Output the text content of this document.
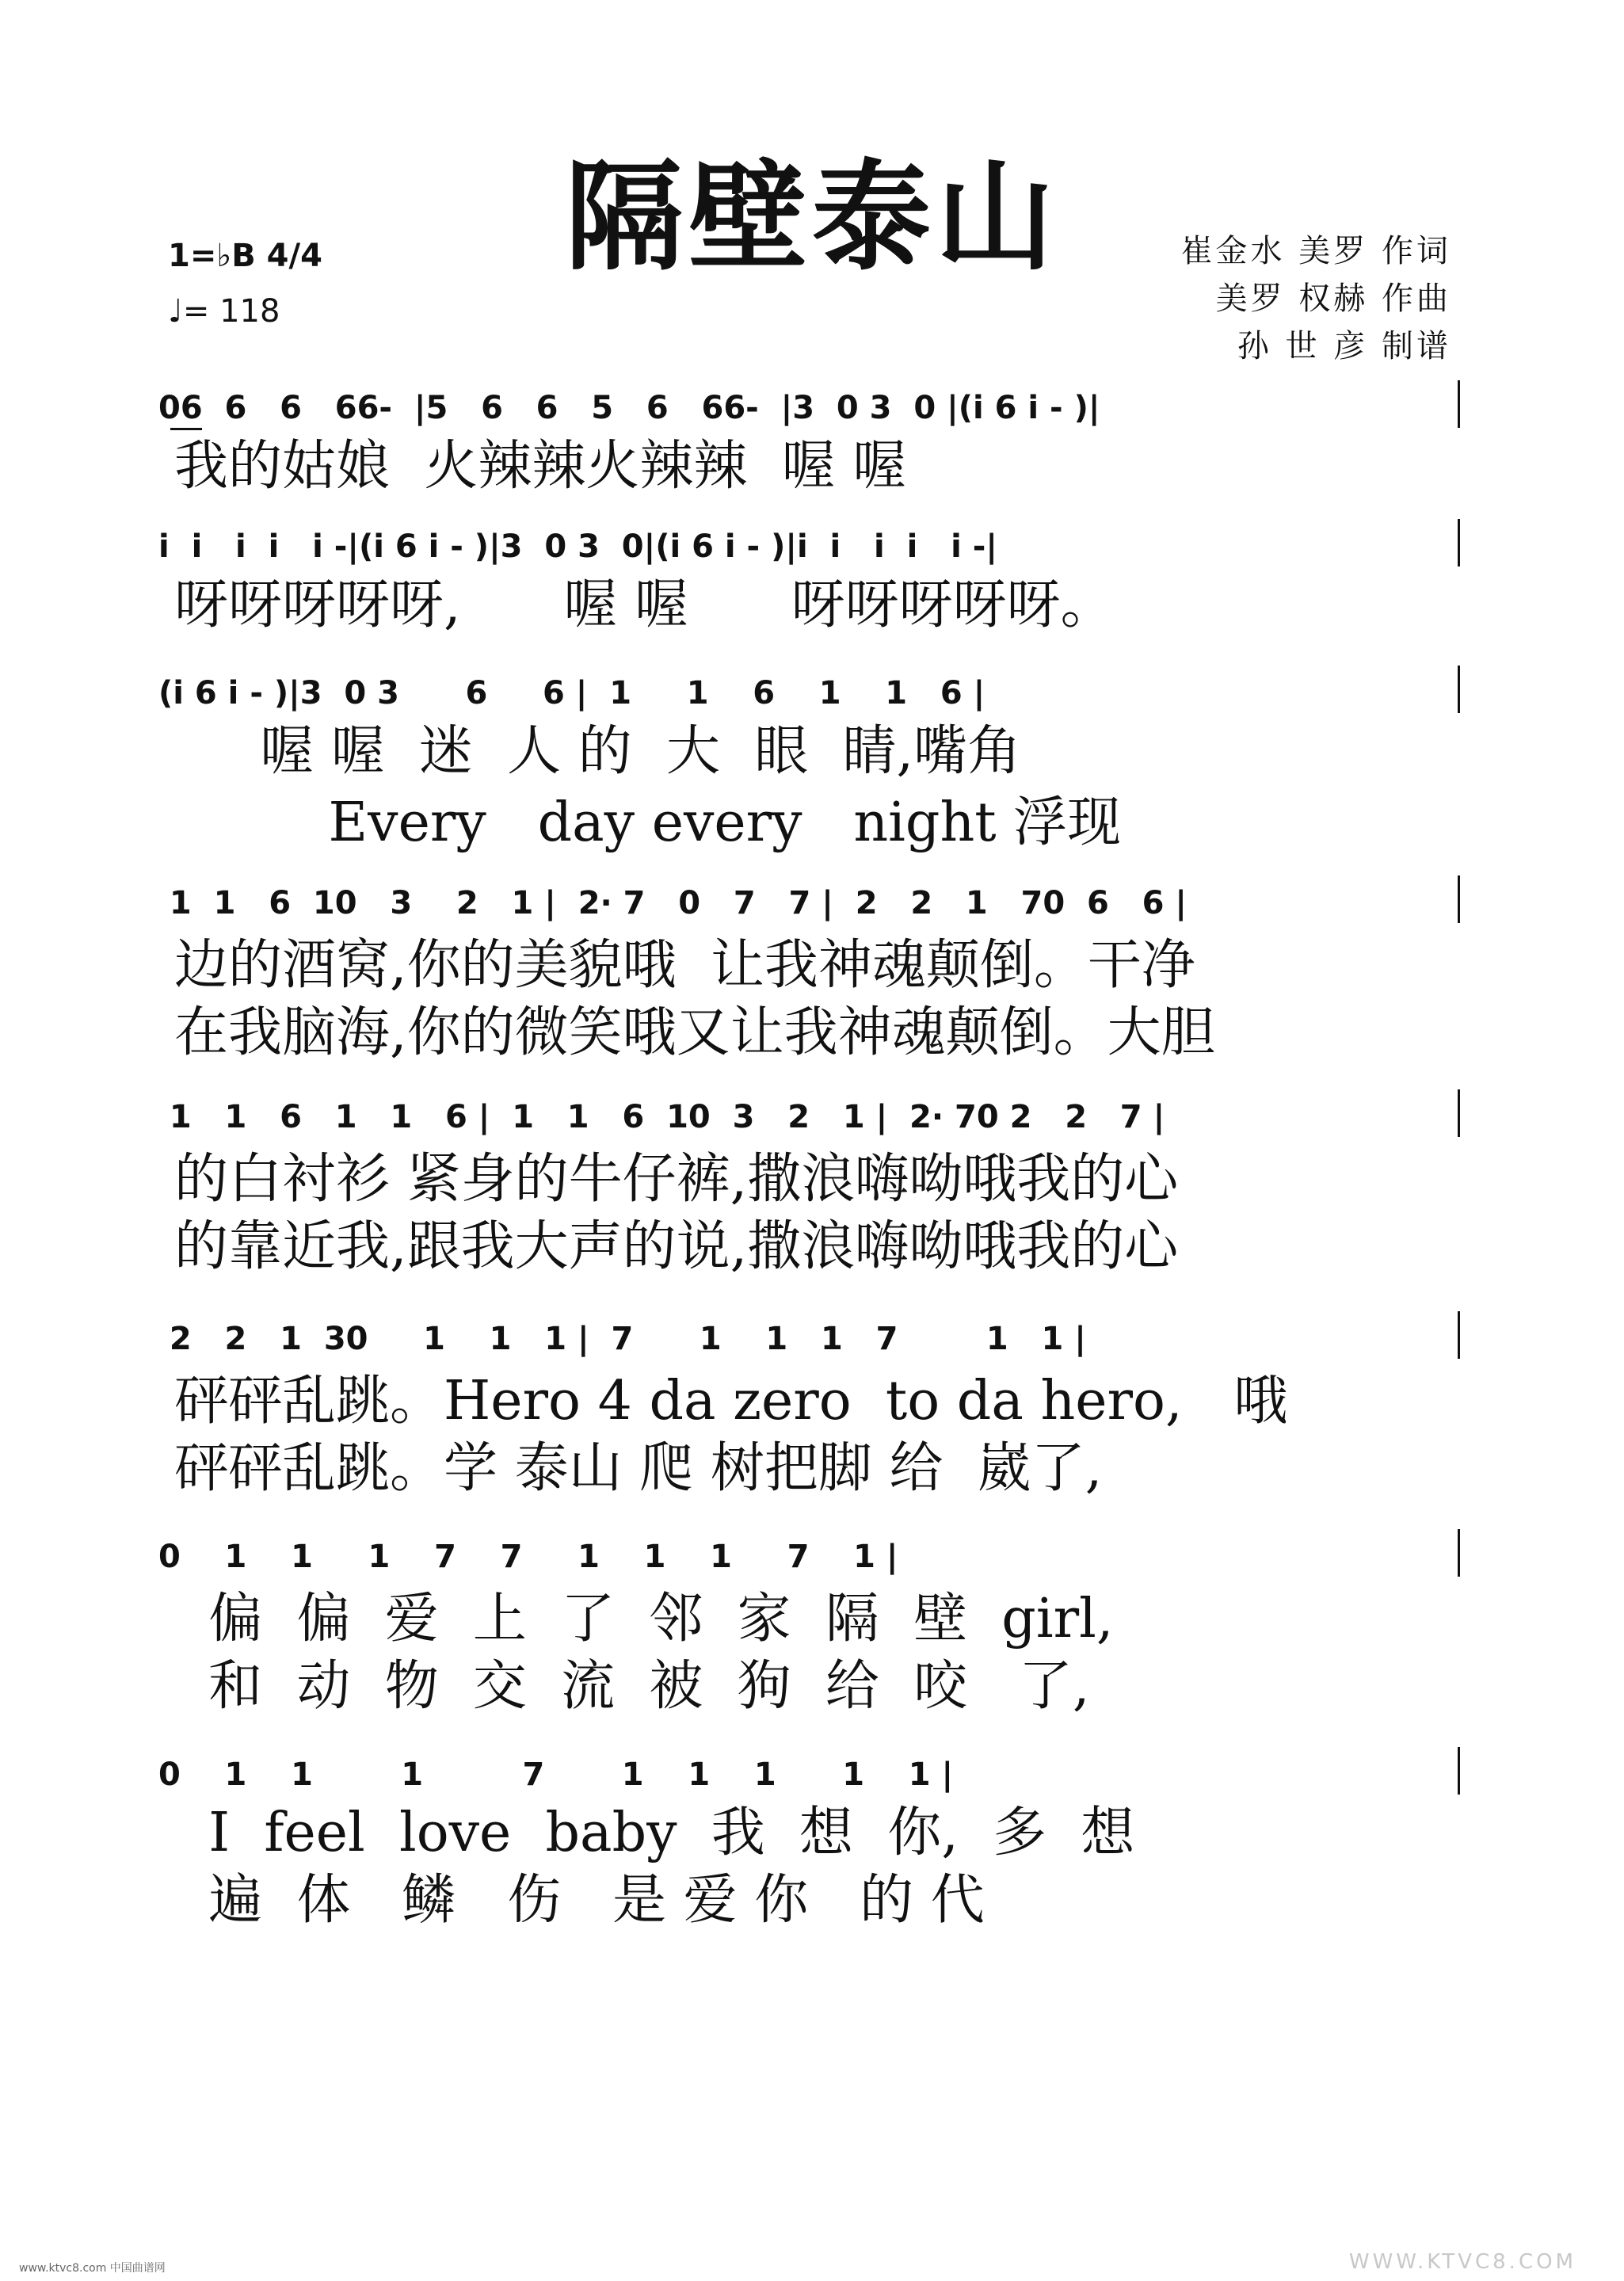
隔壁泰山
1=♭B 4/4
♩= 118
崔金水 美罗 作词
美罗 权赫 作曲
孙 世 彦 制谱
06  6   6   66-  |5   6   6   5   6   66-  |3  0 3  0 |(i 6 i - )|
我的姑娘  火辣辣火辣辣  喔 喔
i  i   i  i   i -|(i 6 i - )|3  0 3  0|(i 6 i - )|i  i   i  i   i -|
呀呀呀呀呀,      喔 喔      呀呀呀呀呀。
(i 6 i - )|3  0 3      6     6 |  1     1    6    1    1   6 |
喔 喔  迷  人 的  大  眼  睛,嘴角
Every   day every   night 浮现
1  1   6  10   3    2   1 |  2· 7   0   7   7 |  2   2   1   70  6   6 |
边的酒窝,你的美貌哦  让我神魂颠倒。干净
在我脑海,你的微笑哦又让我神魂颠倒。大胆
1   1   6   1   1   6 |  1   1   6  10  3   2   1 |  2· 70 2   2   7 |
的白衬衫 紧身的牛仔裤,撒浪嗨呦哦我的心
的靠近我,跟我大声的说,撒浪嗨呦哦我的心
2   2   1  30     1    1   1 |  7      1    1   1   7        1   1 |
砰砰乱跳。Hero 4 da zero  to da hero,   哦
砰砰乱跳。学 泰山 爬 树把脚 给  崴了,
0    1    1     1    7    7     1    1    1     7    1 |
偏  偏  爱  上  了  邻  家  隔  壁  girl,
和  动  物  交  流  被  狗  给  咬   了,
0    1    1        1         7       1    1    1      1    1 |
I  feel  love  baby  我  想  你,  多  想
遍  体   鳞   伤   是 爱 你   的 代
www.ktvc8.com 中国曲谱网	WWW.KTVC8.COM
